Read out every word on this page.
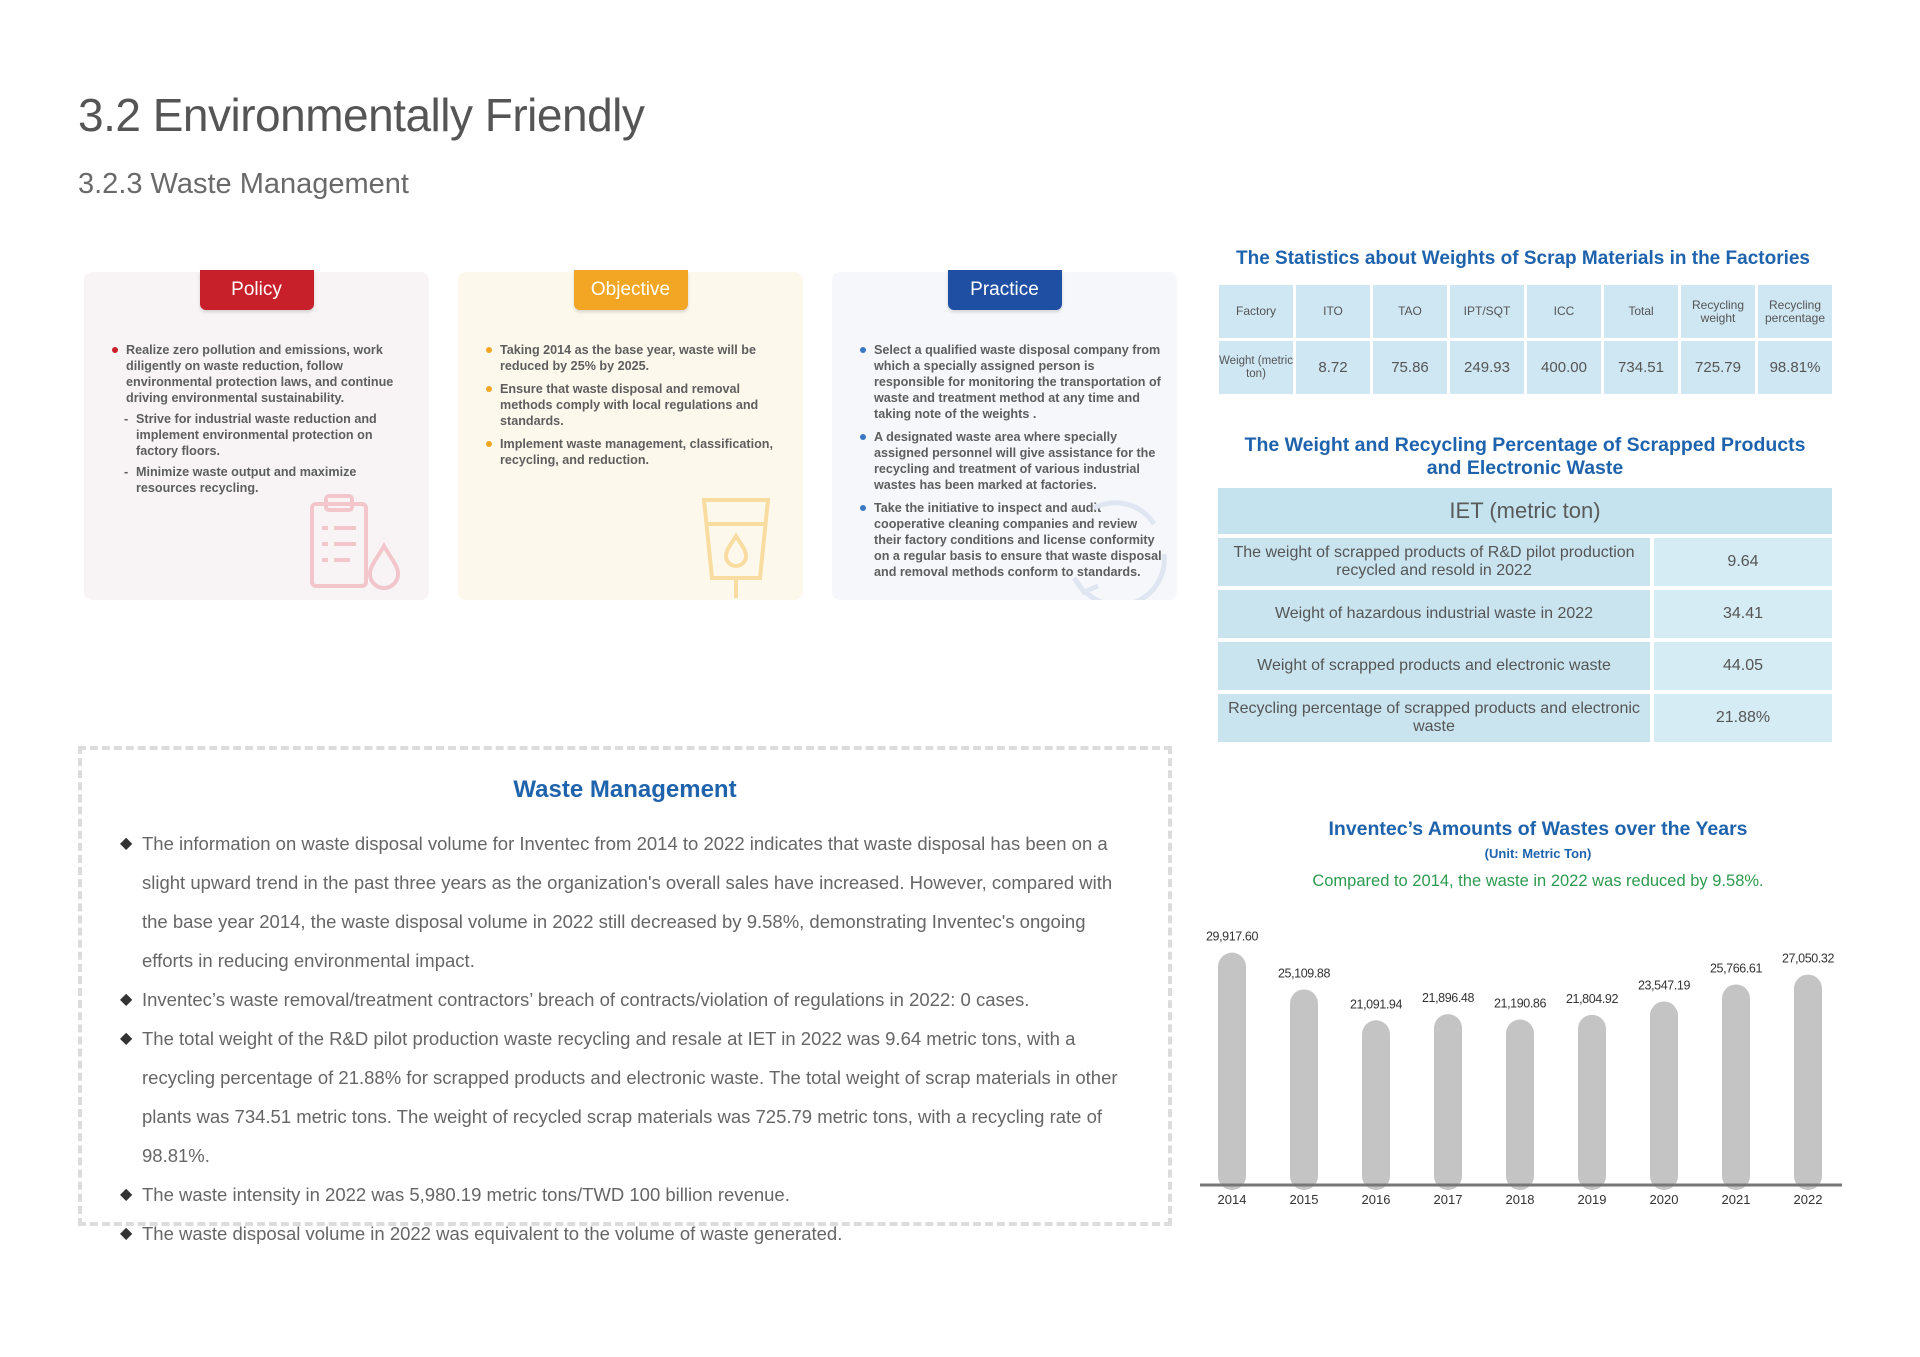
3.2 Environmentally Friendly
3.2.3 Waste Management
Policy
Realize zero pollution and emissions, work diligently on waste reduction, follow environmental protection laws, and continue driving environmental sustainability.
- Strive for industrial waste reduction and implement environmental protection on factory floors.
- Minimize waste output and maximize resources recycling.
Objective
Taking 2014 as the base year, waste will be reduced by 25% by 2025.
Ensure that waste disposal and removal methods comply with local regulations and standards.
Implement waste management, classification, recycling, and reduction.
Practice
Select a qualified waste disposal company from which a specially assigned person is responsible for monitoring the transportation of waste and treatment method at any time and taking note of the weights .
A designated waste area where specially assigned personnel will give assistance for the recycling and treatment of various industrial wastes has been marked at factories.
Take the initiative to inspect and audit cooperative cleaning companies and review their factory conditions and license conformity on a regular basis to ensure that waste disposal and removal methods conform to standards.
The Statistics about Weights of Scrap Materials in the Factories
Factory	ITO	TAO	IPT/SQT	ICC	Total	Recycling weight	Recycling percentage
Weight (metric ton)	8.72	75.86	249.93	400.00	734.51	725.79	98.81%
The Weight and Recycling Percentage of Scrapped Products
and Electronic Waste
IET (metric ton)	
The weight of scrapped products of R&D pilot production recycled and resold in 2022	9.64
Weight of hazardous industrial waste in 2022	34.41
Weight of scrapped products and electronic waste	44.05
Recycling percentage of scrapped products and electronic waste	21.88%
Waste Management
◆ The information on waste disposal volume for Inventec from 2014 to 2022 indicates that waste disposal has been on a slight upward trend in the past three years as the organization's overall sales have increased. However, compared with the base year 2014, the waste disposal volume in 2022 still decreased by 9.58%, demonstrating Inventec's ongoing efforts in reducing environmental impact.
◆ Inventec’s waste removal/treatment contractors’ breach of contracts/violation of regulations in 2022: 0 cases.
◆ The total weight of the R&D pilot production waste recycling and resale at IET in 2022 was 9.64 metric tons, with a recycling percentage of 21.88% for scrapped products and electronic waste. The total weight of scrap materials in other plants was 734.51 metric tons. The weight of recycled scrap materials was 725.79 metric tons, with a recycling rate of 98.81%.
◆ The waste intensity in 2022 was 5,980.19 metric tons/TWD 100 billion revenue.
◆ The waste disposal volume in 2022 was equivalent to the volume of waste generated.
Inventec’s Amounts of Wastes over the Years
(Unit: Metric Ton)
Compared to 2014, the waste in 2022 was reduced by 9.58%.
29,917.60
2014
25,109.88
2015
21,091.94
2016
21,896.48
2017
21,190.86
2018
21,804.92
2019
23,547.19
2020
25,766.61
2021
27,050.32
2022
